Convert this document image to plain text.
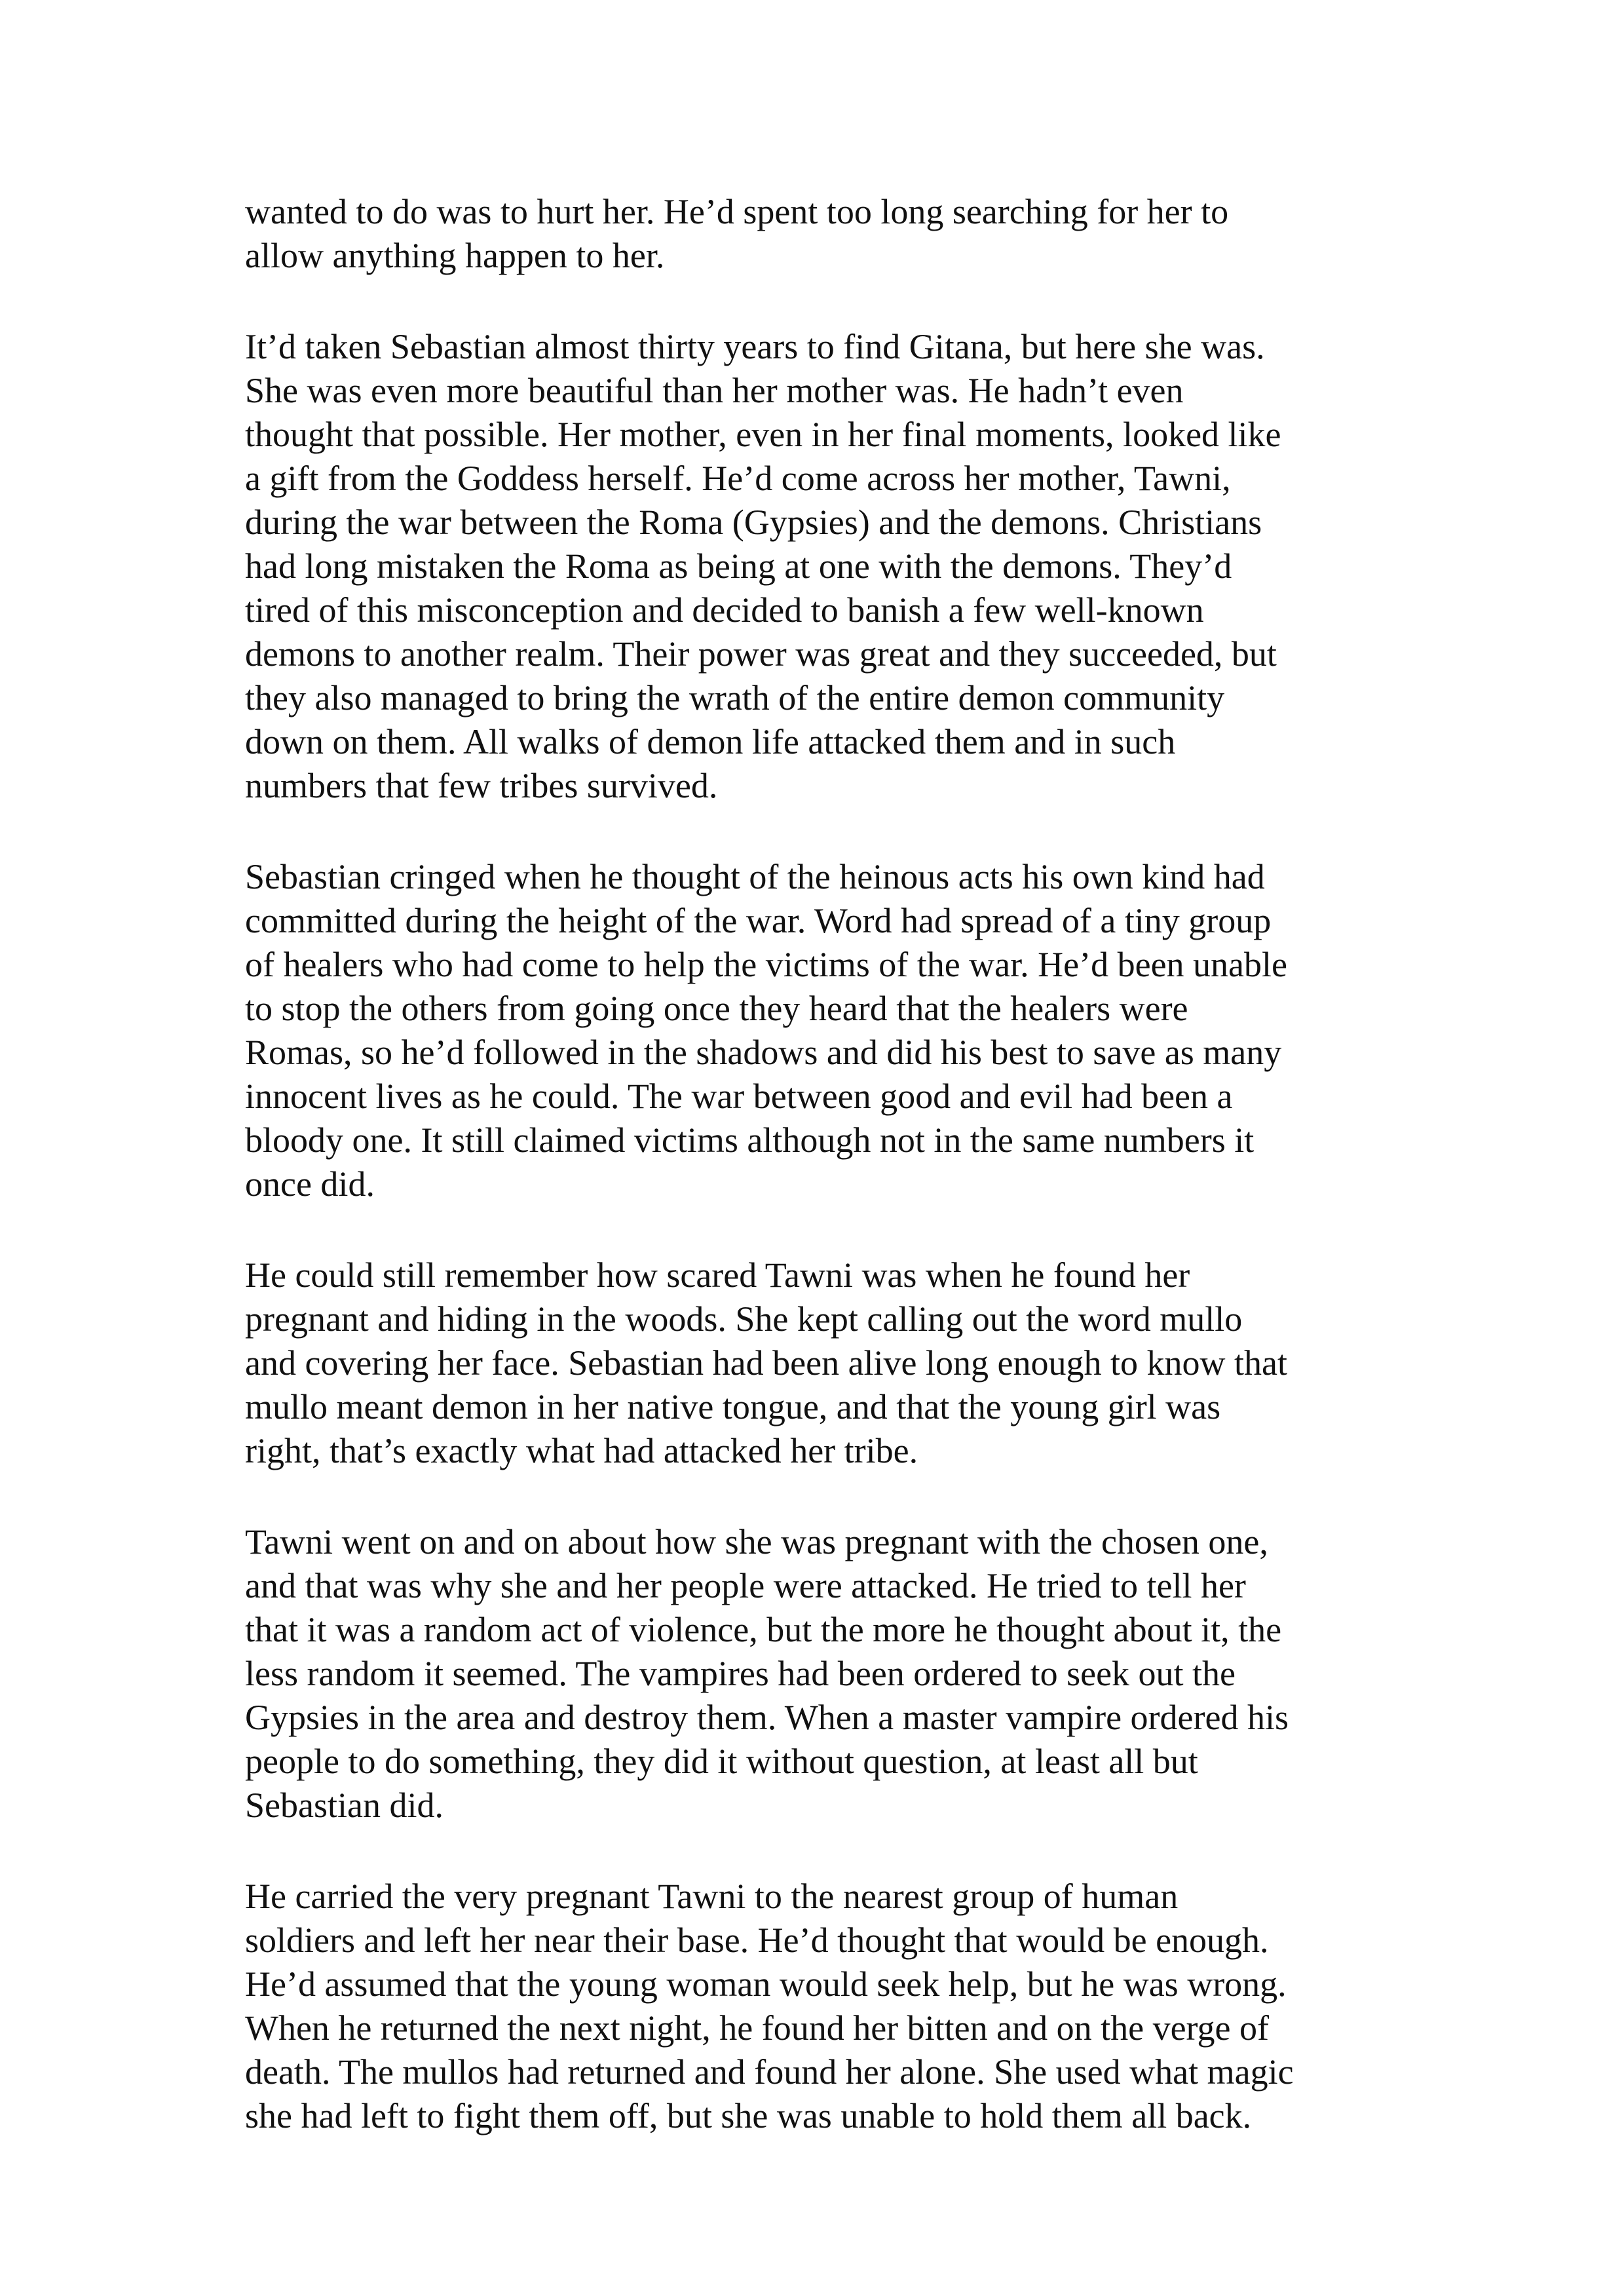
wanted to do was to hurt her. He’d spent too long searching for her to
allow anything happen to her.
It’d taken Sebastian almost thirty years to find Gitana, but here she was.
She was even more beautiful than her mother was. He hadn’t even
thought that possible. Her mother, even in her final moments, looked like
a gift from the Goddess herself. He’d come across her mother, Tawni,
during the war between the Roma (Gypsies) and the demons. Christians
had long mistaken the Roma as being at one with the demons. They’d
tired of this misconception and decided to banish a few well-known
demons to another realm. Their power was great and they succeeded, but
they also managed to bring the wrath of the entire demon community
down on them. All walks of demon life attacked them and in such
numbers that few tribes survived.
Sebastian cringed when he thought of the heinous acts his own kind had
committed during the height of the war. Word had spread of a tiny group
of healers who had come to help the victims of the war. He’d been unable
to stop the others from going once they heard that the healers were
Romas, so he’d followed in the shadows and did his best to save as many
innocent lives as he could. The war between good and evil had been a
bloody one. It still claimed victims although not in the same numbers it
once did.
He could still remember how scared Tawni was when he found her
pregnant and hiding in the woods. She kept calling out the word mullo
and covering her face. Sebastian had been alive long enough to know that
mullo meant demon in her native tongue, and that the young girl was
right, that’s exactly what had attacked her tribe.
Tawni went on and on about how she was pregnant with the chosen one,
and that was why she and her people were attacked. He tried to tell her
that it was a random act of violence, but the more he thought about it, the
less random it seemed. The vampires had been ordered to seek out the
Gypsies in the area and destroy them. When a master vampire ordered his
people to do something, they did it without question, at least all but
Sebastian did.
He carried the very pregnant Tawni to the nearest group of human
soldiers and left her near their base. He’d thought that would be enough.
He’d assumed that the young woman would seek help, but he was wrong.
When he returned the next night, he found her bitten and on the verge of
death. The mullos had returned and found her alone. She used what magic
she had left to fight them off, but she was unable to hold them all back.
